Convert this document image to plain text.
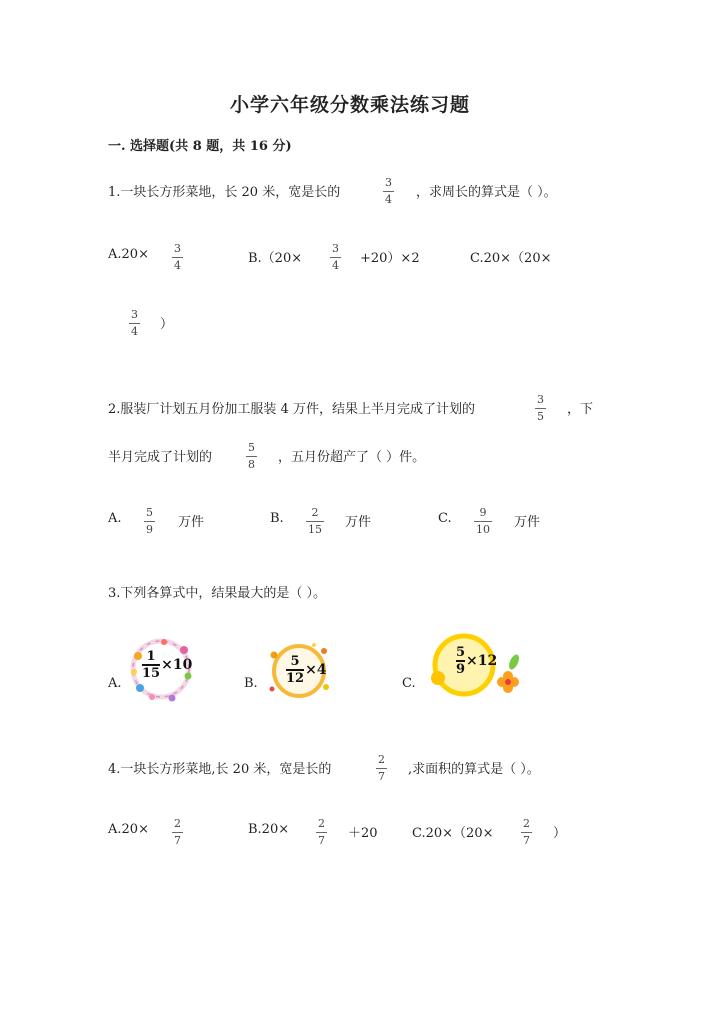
小学六年级分数乘法练习题
一. 选择题(共 8 题，共 16 分)
1.一块长方形菜地，长 20 米，宽是长的
3
4 ，求周长的算式是（ ）。
A.20× 3
4	B.（20×
3
4 +20）×2	C.20×（20×
3
4 ）
2.服装厂计划五月份加工服装 4 万件，结果上半月完成了计划的
3
5 ，下
半月完成了计划的
5
8 ，五月份超产了（ ）件。
A. 5
9 万件	B.	2
15 万件	C.	9
10 万件
3.下列各算式中，结果最大的是（ ）。
A.
1
15
×10
B.
5
12
×4
C.
5
9
×12
4.一块长方形菜地,长 20 米，宽是长的
2
7 ,求面积的算式是（ ）。
A.20× 2
7
B.20×	2
7 ＋20	C.20×（20×
2
7 ）
